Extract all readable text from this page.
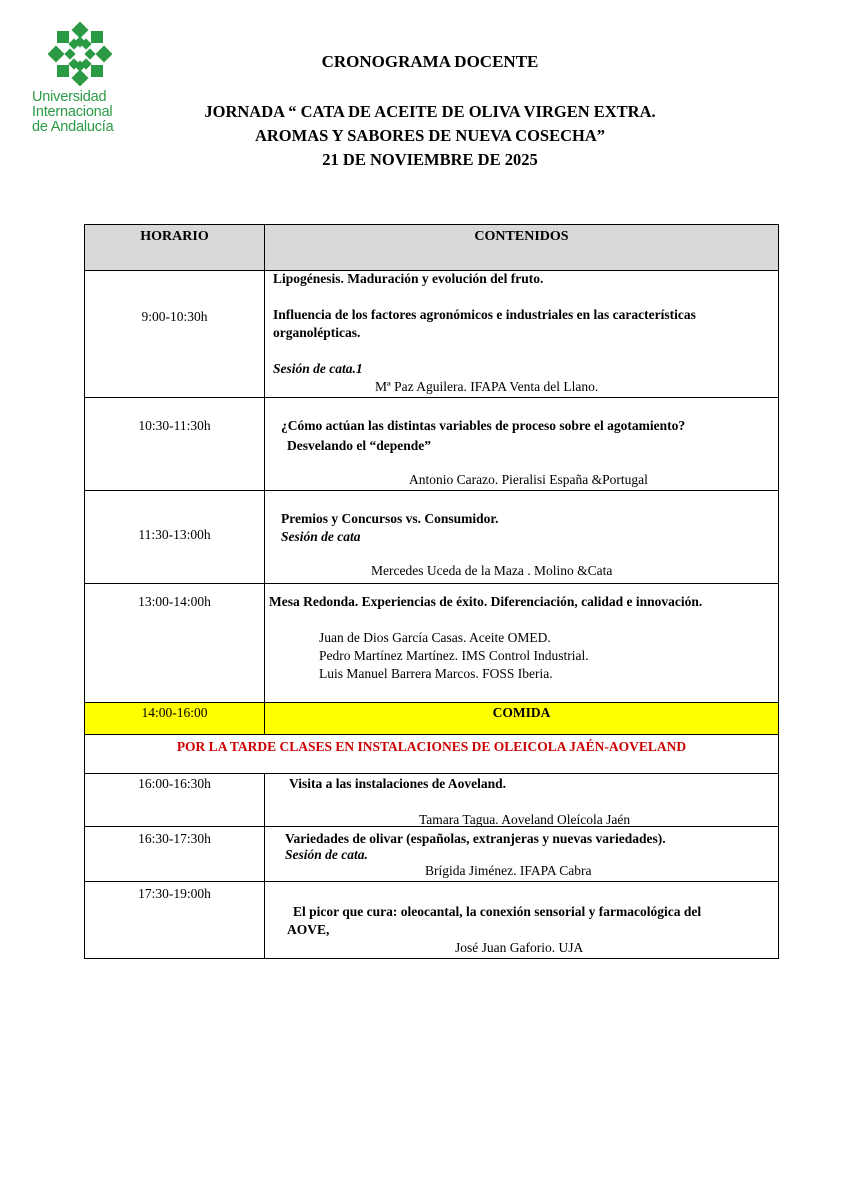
Universidad
Internacional
de Andalucía
CRONOGRAMA DOCENTE
JORNADA “ CATA DE ACEITE DE OLIVA VIRGEN EXTRA.
AROMAS Y SABORES DE NUEVA COSECHA”
21 DE NOVIEMBRE DE 2025
HORARIO	CONTENIDOS

9:00-10:30h	Lipogénesis. Maduración y evolución del fruto.
Influencia de los factores agronómicos e industriales en las características
organolépticas.
Sesión de cata.1
Mª Paz Aguilera. IFAPA Venta del Llano.

10:30-11:30h	¿Cómo actúan las distintas variables de proceso sobre el agotamiento?
Desvelando el “depende”
Antonio Carazo. Pieralisi España &Portugal

11:30-13:00h	Premios y Concursos vs. Consumidor.
Sesión de cata
Mercedes Uceda de la Maza . Molino &Cata

13:00-14:00h	Mesa Redonda. Experiencias de éxito. Diferenciación, calidad e innovación.
Juan de Dios García Casas. Aceite OMED.
Pedro Martínez Martínez. IMS Control Industrial.
Luis Manuel Barrera Marcos. FOSS Iberia.

14:00-16:00	COMIDA

POR LA TARDE CLASES EN INSTALACIONES DE OLEICOLA JAÉN-AOVELAND	

16:00-16:30h	Visita a las instalaciones de Aoveland.
Tamara Tagua. Aoveland Oleícola Jaén

16:30-17:30h	Variedades de olivar (españolas, extranjeras y nuevas variedades).
Sesión de cata.
Brígida Jiménez. IFAPA Cabra

17:30-19:00h	El picor que cura: oleocantal, la conexión sensorial y farmacológica del
AOVE,
José Juan Gaforio. UJA
